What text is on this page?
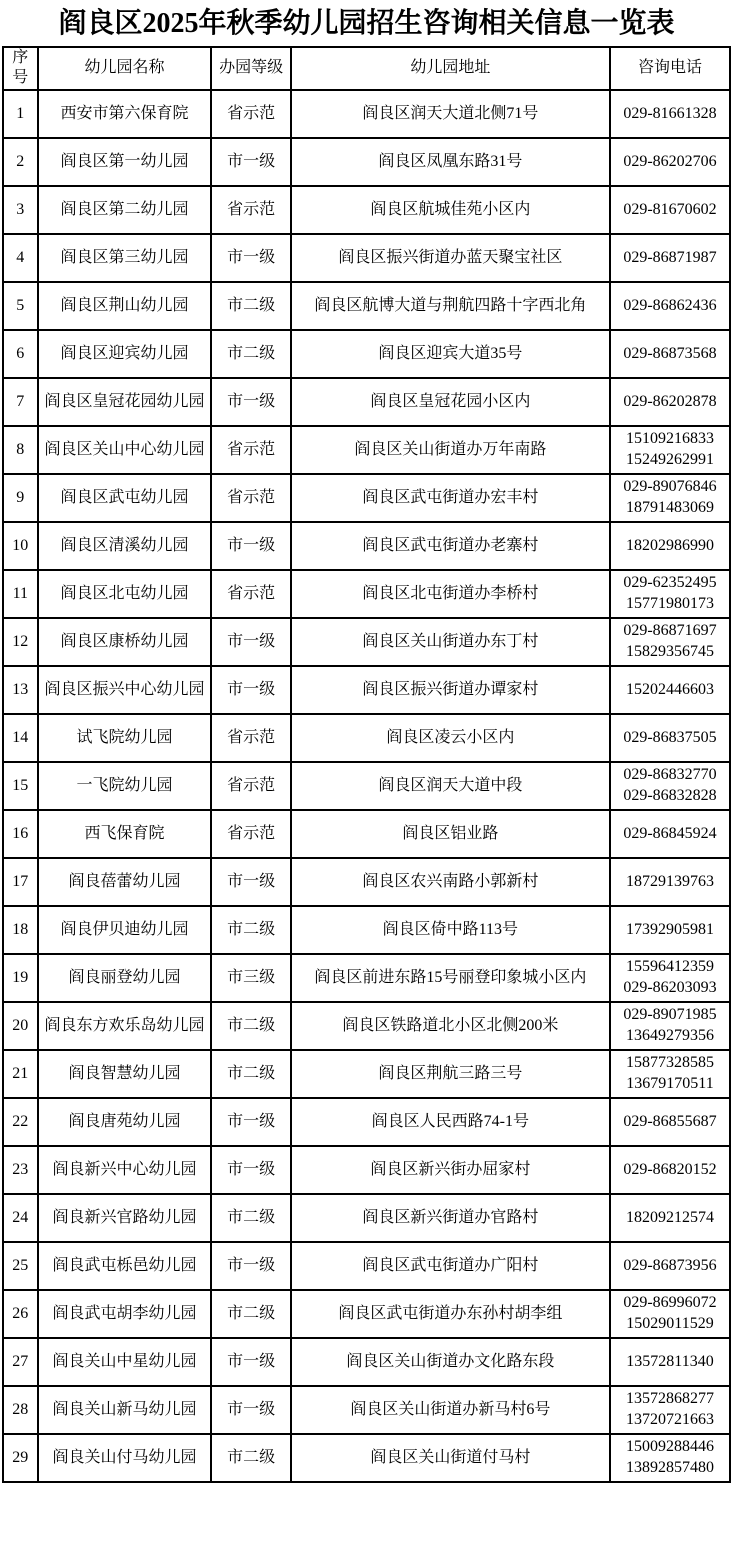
阎良区2025年秋季幼儿园招生咨询相关信息一览表
序号	幼儿园名称	办园等级	幼儿园地址	咨询电话
1	西安市第六保育院	省示范	阎良区润天大道北侧71号	029-81661328
2	阎良区第一幼儿园	市一级	阎良区凤凰东路31号	029-86202706
3	阎良区第二幼儿园	省示范	阎良区航城佳苑小区内	029-81670602
4	阎良区第三幼儿园	市一级	阎良区振兴街道办蓝天聚宝社区	029-86871987
5	阎良区荆山幼儿园	市二级	阎良区航博大道与荆航四路十字西北角	029-86862436
6	阎良区迎宾幼儿园	市二级	阎良区迎宾大道35号	029-86873568
7	阎良区皇冠花园幼儿园	市一级	阎良区皇冠花园小区内	029-86202878
8	阎良区关山中心幼儿园	省示范	阎良区关山街道办万年南路	15109216833
15249262991
9	阎良区武屯幼儿园	省示范	阎良区武屯街道办宏丰村	029-89076846
18791483069
10	阎良区清溪幼儿园	市一级	阎良区武屯街道办老寨村	18202986990
11	阎良区北屯幼儿园	省示范	阎良区北屯街道办李桥村	029-62352495
15771980173
12	阎良区康桥幼儿园	市一级	阎良区关山街道办东丁村	029-86871697
15829356745
13	阎良区振兴中心幼儿园	市一级	阎良区振兴街道办谭家村	15202446603
14	试飞院幼儿园	省示范	阎良区凌云小区内	029-86837505
15	一飞院幼儿园	省示范	阎良区润天大道中段	029-86832770
029-86832828
16	西飞保育院	省示范	阎良区铝业路	029-86845924
17	阎良蓓蕾幼儿园	市一级	阎良区农兴南路小郭新村	18729139763
18	阎良伊贝迪幼儿园	市二级	阎良区倚中路113号	17392905981
19	阎良丽登幼儿园	市三级	阎良区前进东路15号丽登印象城小区内	15596412359
029-86203093
20	阎良东方欢乐岛幼儿园	市二级	阎良区铁路道北小区北侧200米	029-89071985
13649279356
21	阎良智慧幼儿园	市二级	阎良区荆航三路三号	15877328585
13679170511
22	阎良唐苑幼儿园	市一级	阎良区人民西路74-1号	029-86855687
23	阎良新兴中心幼儿园	市一级	阎良区新兴街办屈家村	029-86820152
24	阎良新兴官路幼儿园	市二级	阎良区新兴街道办官路村	18209212574
25	阎良武屯栎邑幼儿园	市一级	阎良区武屯街道办广阳村	029-86873956
26	阎良武屯胡李幼儿园	市二级	阎良区武屯街道办东孙村胡李组	029-86996072
15029011529
27	阎良关山中星幼儿园	市一级	阎良区关山街道办文化路东段	13572811340
28	阎良关山新马幼儿园	市一级	阎良区关山街道办新马村6号	13572868277
13720721663
29	阎良关山付马幼儿园	市二级	阎良区关山街道付马村	15009288446
13892857480
